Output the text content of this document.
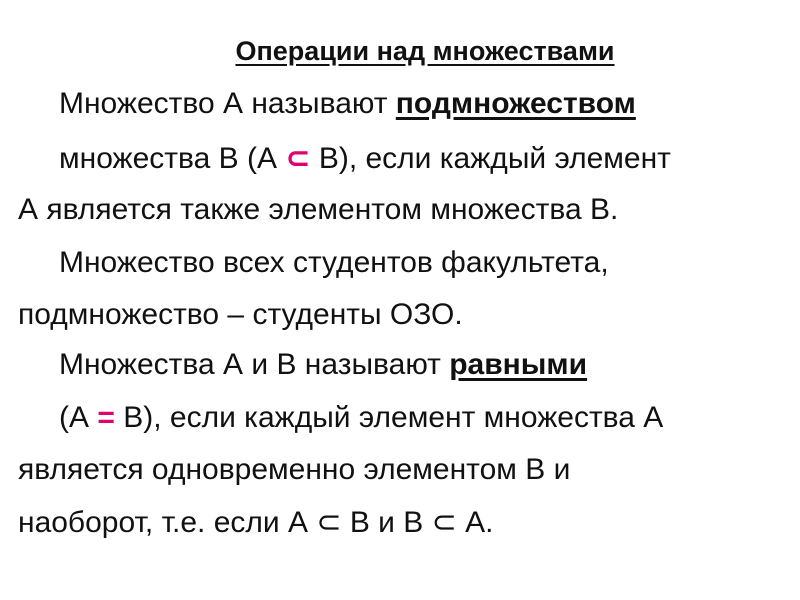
Операции над множествами
Множество А называют подмножеством
множества В (А ⊂ В), если каждый элемент
А является также элементом множества В.
Множество всех студентов факультета,
подмножество – студенты ОЗО.
Множества А и В называют равными
(А = В), если каждый элемент множества А
является одновременно элементом В и
наоборот, т.е. если А ⊂ В и В ⊂ А.
